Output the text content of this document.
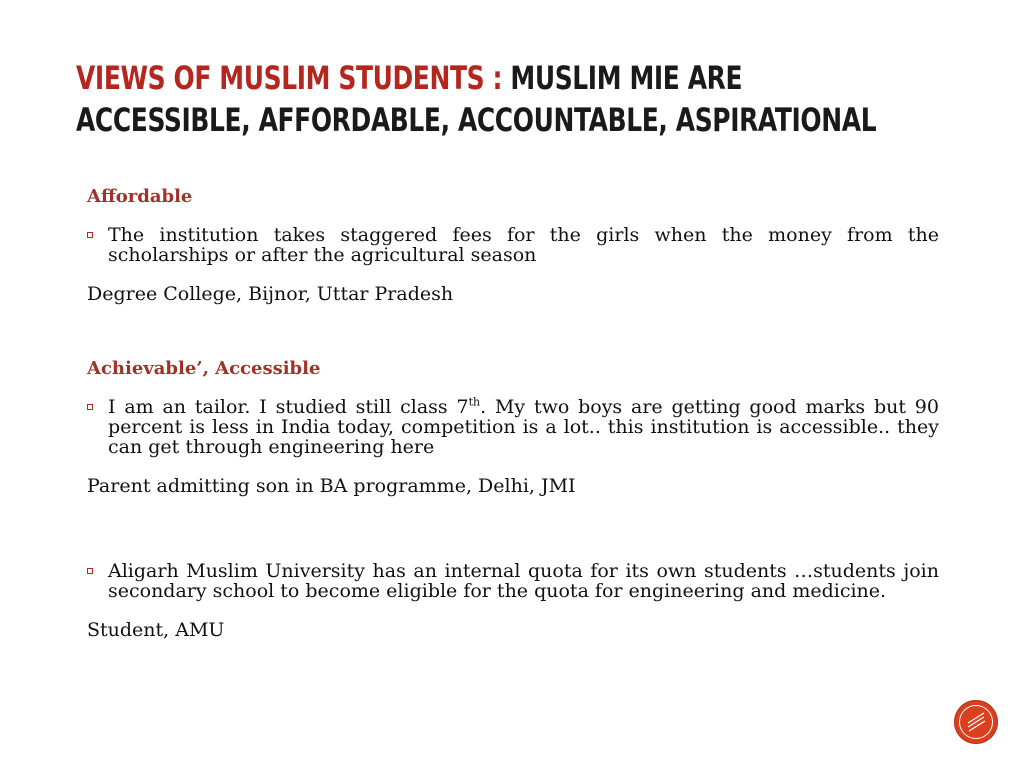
VIEWS OF MUSLIM STUDENTS : MUSLIM MIE ARE
ACCESSIBLE, AFFORDABLE, ACCOUNTABLE, ASPIRATIONAL

Affordable

The institution takes staggered fees for the girls when the money from the scholarships or after the agricultural season
Degree College, Bijnor, Uttar Pradesh

Achievable’, Accessible

I am an tailor. I studied still class 7th. My two boys are getting good marks but 90 percent is less in India today, competition is a lot.. this institution is accessible.. they can get through engineering here
Parent admitting son in BA programme, Delhi, JMI
Aligarh Muslim University has an internal quota for its own students …students join secondary school to become eligible for the quota for engineering and medicine.
Student, AMU
